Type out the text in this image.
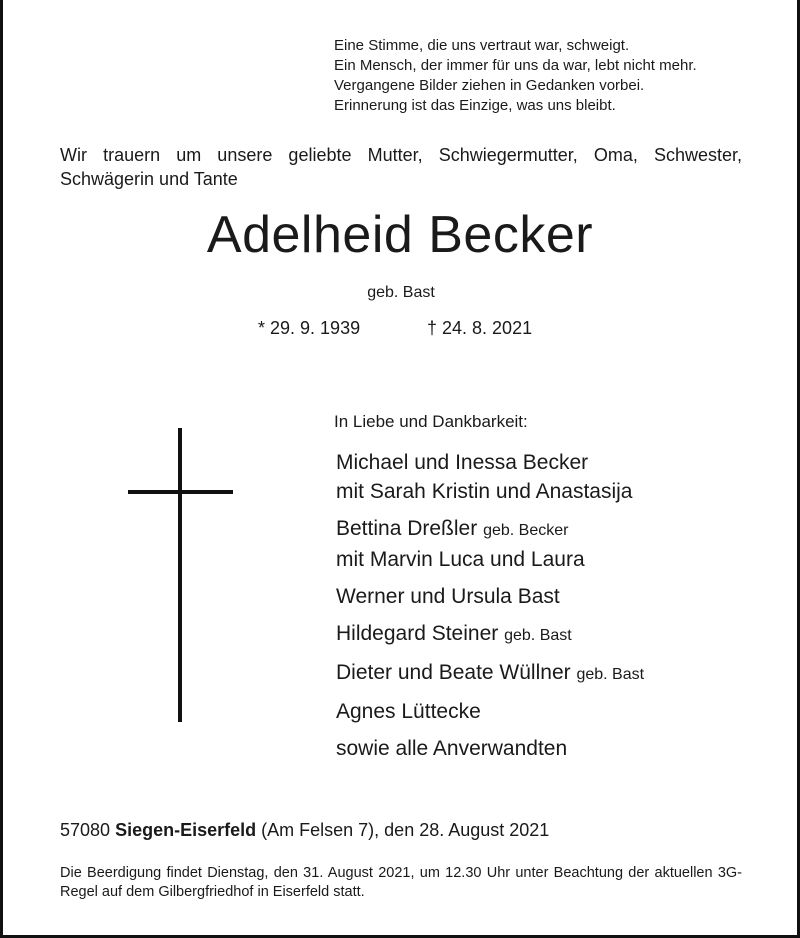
Eine Stimme, die uns vertraut war, schweigt.
Ein Mensch, der immer für uns da war, lebt nicht mehr.
Vergangene Bilder ziehen in Gedanken vorbei.
Erinnerung ist das Einzige, was uns bleibt.
Wir trauern um unsere geliebte Mutter, Schwiegermutter, Oma, Schwester, Schwägerin und Tante
Adelheid Becker
geb. Bast
* 29. 9. 1939	† 24. 8. 2021
In Liebe und Dankbarkeit:
Michael und Inessa Becker
mit Sarah Kristin und Anastasija
Bettina Dreßler geb. Becker
mit Marvin Luca und Laura
Werner und Ursula Bast
Hildegard Steiner geb. Bast
Dieter und Beate Wüllner geb. Bast
Agnes Lüttecke
sowie alle Anverwandten
57080 Siegen-Eiserfeld (Am Felsen 7), den 28. August 2021
Die Beerdigung findet Dienstag, den 31. August 2021, um 12.30 Uhr unter Beachtung der aktuellen 3G-Regel auf dem Gilbergfriedhof in Eiserfeld statt.
